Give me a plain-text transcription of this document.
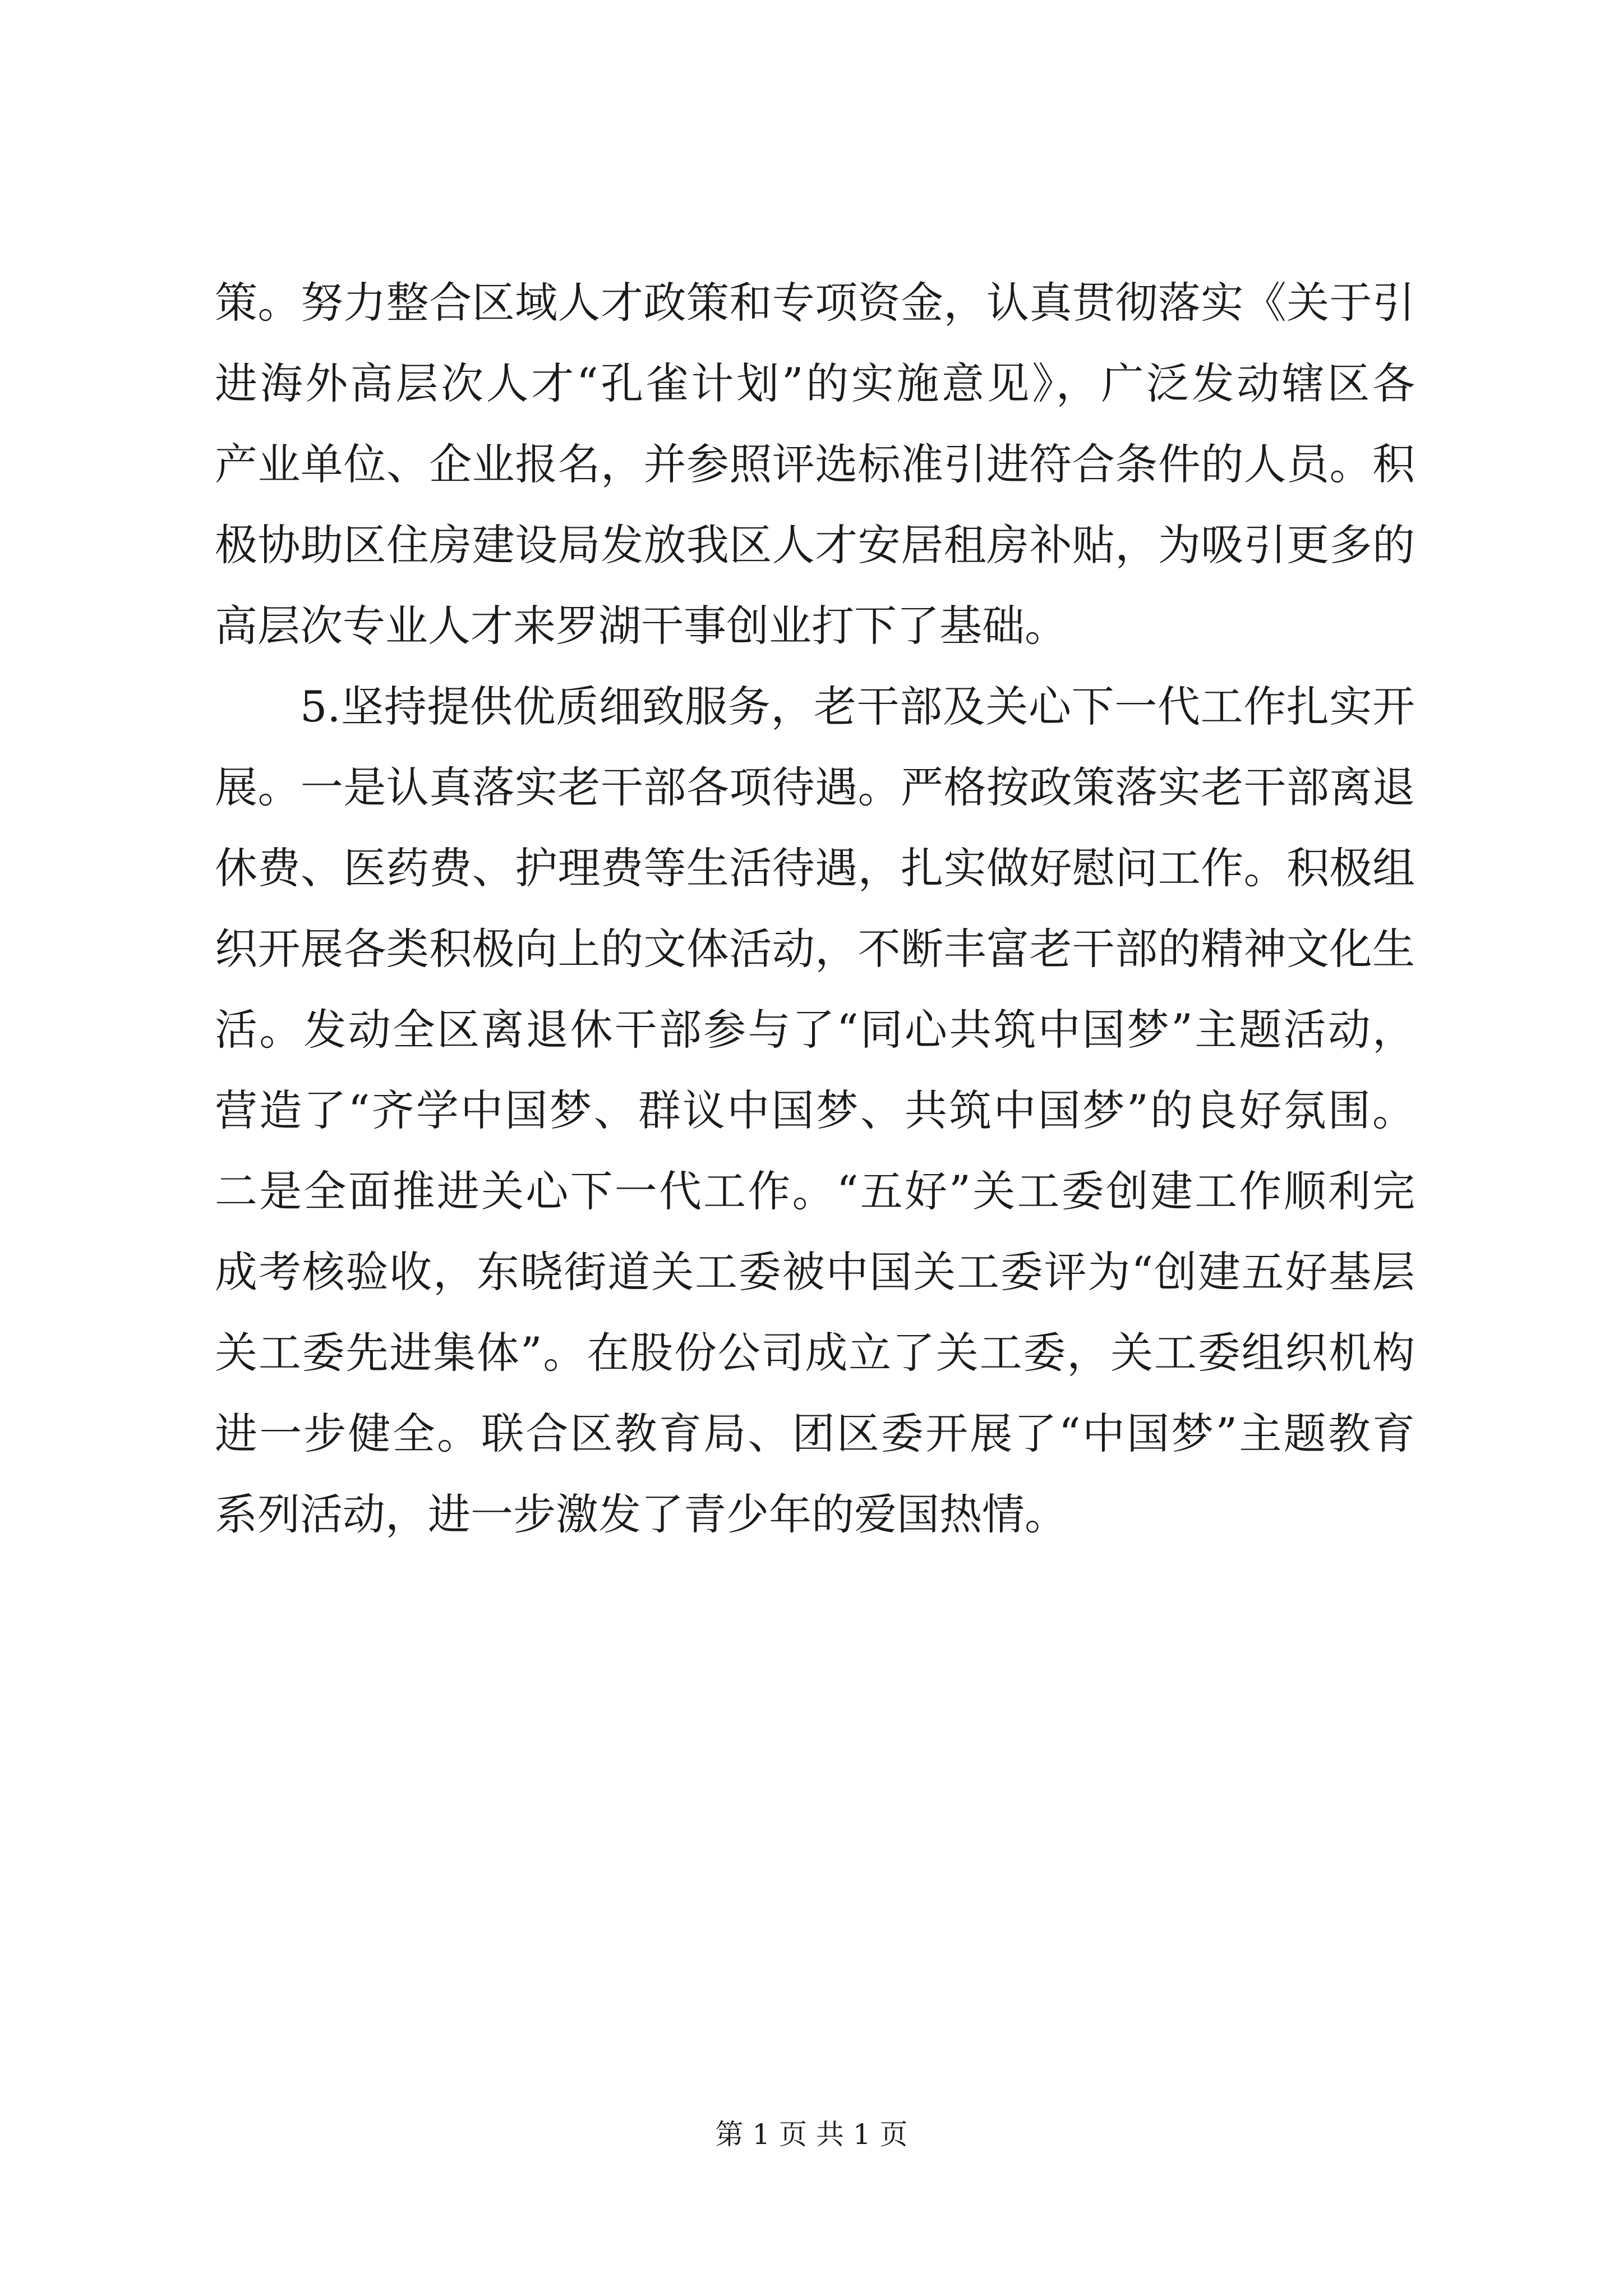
策。努力整合区域人才政策和专项资金，认真贯彻落实《关于引
进海外高层次人才“孔雀计划”的实施意见》，广泛发动辖区各
产业单位、企业报名，并参照评选标准引进符合条件的人员。积
极协助区住房建设局发放我区人才安居租房补贴，为吸引更多的
高层次专业人才来罗湖干事创业打下了基础。
5.坚持提供优质细致服务，老干部及关心下一代工作扎实开
展。一是认真落实老干部各项待遇。严格按政策落实老干部离退
休费、医药费、护理费等生活待遇，扎实做好慰问工作。积极组
织开展各类积极向上的文体活动，不断丰富老干部的精神文化生
活。发动全区离退休干部参与了“同心共筑中国梦”主题活动，
营造了“齐学中国梦、群议中国梦、共筑中国梦”的良好氛围。
二是全面推进关心下一代工作。“五好”关工委创建工作顺利完
成考核验收，东晓街道关工委被中国关工委评为“创建五好基层
关工委先进集体”。在股份公司成立了关工委，关工委组织机构
进一步健全。联合区教育局、团区委开展了“中国梦”主题教育
系列活动，进一步激发了青少年的爱国热情。
第 1 页 共 1 页
